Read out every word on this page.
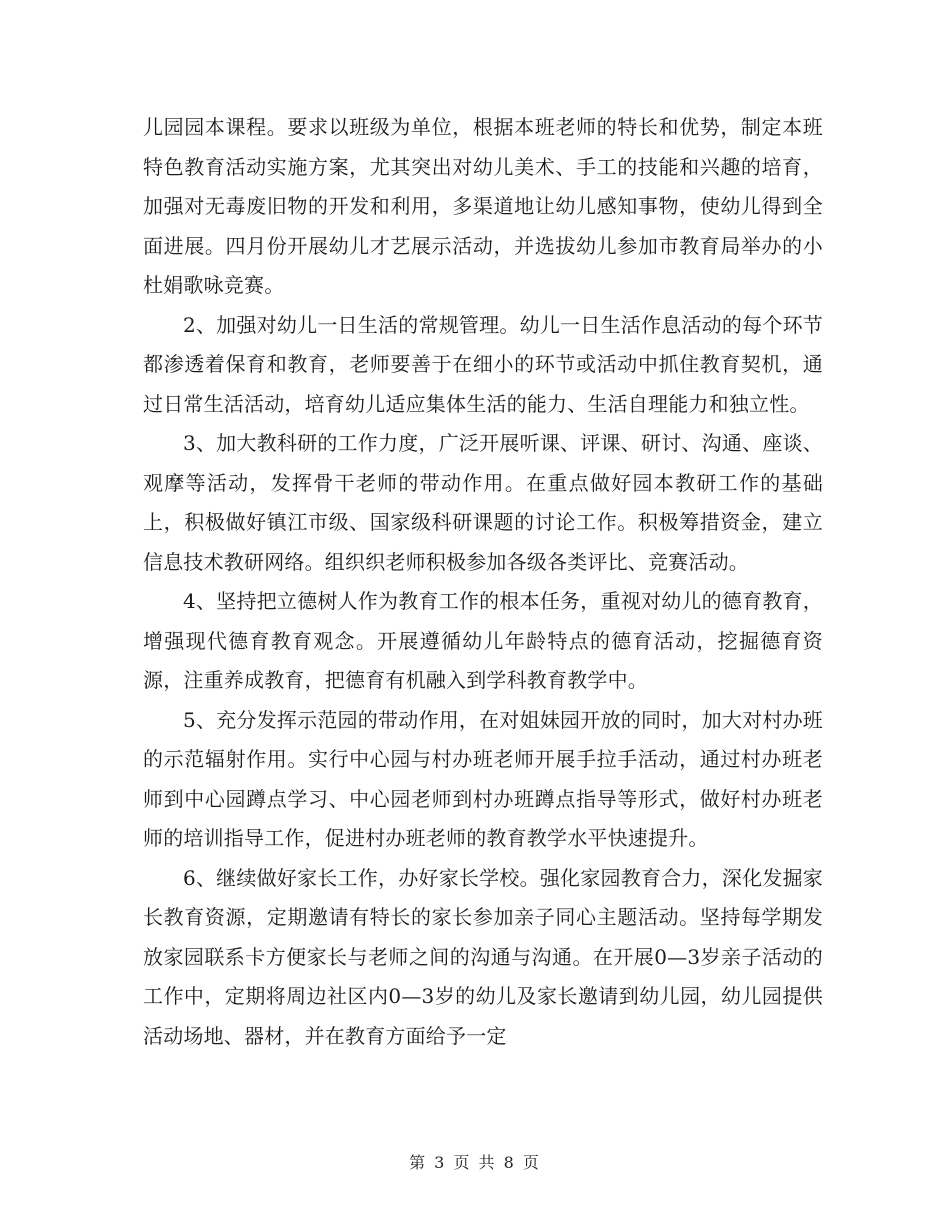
儿园园本课程。要求以班级为单位，根据本班老师的特长和优势，制定本班特色教育活动实施方案，尤其突出对幼儿美术、手工的技能和兴趣的培育，加强对无毒废旧物的开发和利用，多渠道地让幼儿感知事物，使幼儿得到全面进展。四月份开展幼儿才艺展示活动，并选拔幼儿参加市教育局举办的小杜娟歌咏竞赛。

2、加强对幼儿一日生活的常规管理。幼儿一日生活作息活动的每个环节都渗透着保育和教育，老师要善于在细小的环节或活动中抓住教育契机，通过日常生活活动，培育幼儿适应集体生活的能力、生活自理能力和独立性。

3、加大教科研的工作力度，广泛开展听课、评课、研讨、沟通、座谈、观摩等活动，发挥骨干老师的带动作用。在重点做好园本教研工作的基础上，积极做好镇江市级、国家级科研课题的讨论工作。积极筹措资金，建立信息技术教研网络。组织织老师积极参加各级各类评比、竞赛活动。

4、坚持把立德树人作为教育工作的根本任务，重视对幼儿的德育教育，增强现代德育教育观念。开展遵循幼儿年龄特点的德育活动，挖掘德育资源，注重养成教育，把德育有机融入到学科教育教学中。

5、充分发挥示范园的带动作用，在对姐妹园开放的同时，加大对村办班的示范辐射作用。实行中心园与村办班老师开展手拉手活动，通过村办班老师到中心园蹲点学习、中心园老师到村办班蹲点指导等形式，做好村办班老师的培训指导工作，促进村办班老师的教育教学水平快速提升。

6、继续做好家长工作，办好家长学校。强化家园教育合力，深化发掘家长教育资源，定期邀请有特长的家长参加亲子同心主题活动。坚持每学期发放家园联系卡方便家长与老师之间的沟通与沟通。在开展0—3岁亲子活动的工作中，定期将周边社区内0—3岁的幼儿及家长邀请到幼儿园，幼儿园提供活动场地、器材，并在教育方面给予一定

第 3 页 共 8 页
